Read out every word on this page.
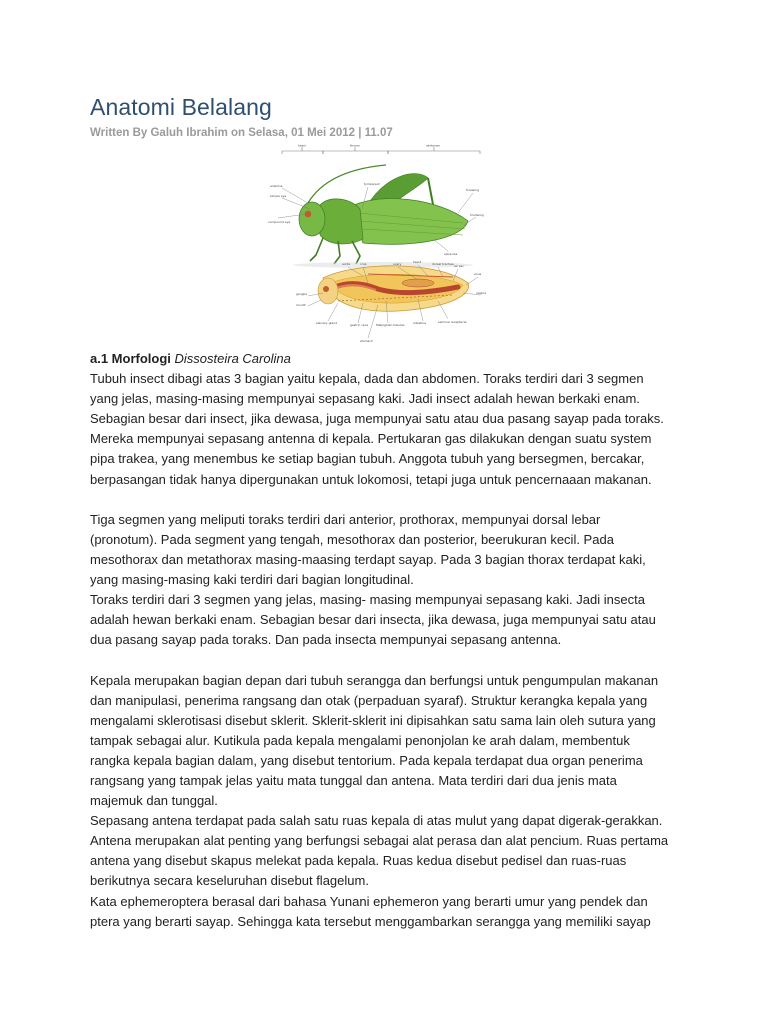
Anatomi Belalang
Written By Galuh Ibrahim on Selasa, 01 Mei 2012 | 11.07
head	thorax	abdomen
antenna
simple eye
compound eye
tympanum
forewing
hindwing
spiracles
aorta	crop	ovary	heart	dorsal trachea air sac
anus
vagina
ganglia
mouth
salivary gland	gastric ceca	Malpighian tubules
seminal receptacle
stomach
intestine

a.1 Morfologi Dissosteira Carolina

Tubuh insect dibagi atas 3 bagian yaitu kepala, dada dan abdomen. Toraks terdiri dari 3 segmen

yang jelas, masing-masing mempunyai sepasang kaki. Jadi insect adalah hewan berkaki enam.

Sebagian besar dari insect, jika dewasa, juga mempunyai satu atau dua pasang sayap pada toraks.

Mereka mempunyai sepasang antenna di kepala. Pertukaran gas dilakukan dengan suatu system

pipa trakea, yang menembus ke setiap bagian tubuh. Anggota tubuh yang bersegmen, bercakar,

berpasangan tidak hanya dipergunakan untuk lokomosi, tetapi juga untuk pencernaaan makanan.

Tiga segmen yang meliputi toraks terdiri dari anterior, prothorax, mempunyai dorsal lebar

(pronotum). Pada segment yang tengah, mesothorax dan posterior, beerukuran kecil. Pada

mesothorax dan metathorax masing-maasing terdapt sayap. Pada 3 bagian thorax terdapat kaki,

yang masing-masing kaki terdiri dari bagian longitudinal.

Toraks terdiri dari 3 segmen yang jelas, masing- masing mempunyai sepasang kaki. Jadi insecta

adalah hewan berkaki enam. Sebagian besar dari insecta, jika dewasa, juga mempunyai satu atau

dua pasang sayap pada toraks. Dan pada insecta mempunyai sepasang antenna.

Kepala merupakan bagian depan dari tubuh serangga dan berfungsi untuk pengumpulan makanan

dan manipulasi, penerima rangsang dan otak (perpaduan syaraf). Struktur kerangka kepala yang

mengalami sklerotisasi disebut sklerit. Sklerit-sklerit ini dipisahkan satu sama lain oleh sutura yang

tampak sebagai alur. Kutikula pada kepala mengalami penonjolan ke arah dalam, membentuk

rangka kepala bagian dalam, yang disebut tentorium. Pada kepala terdapat dua organ penerima

rangsang yang tampak jelas yaitu mata tunggal dan antena. Mata terdiri dari dua jenis mata

majemuk dan tunggal.

Sepasang antena terdapat pada salah satu ruas kepala di atas mulut yang dapat digerak-gerakkan.

Antena merupakan alat penting yang berfungsi sebagai alat perasa dan alat pencium. Ruas pertama

antena yang disebut skapus melekat pada kepala. Ruas kedua disebut pedisel dan ruas-ruas

berikutnya secara keseluruhan disebut flagelum.

Kata ephemeroptera berasal dari bahasa Yunani ephemeron yang berarti umur yang pendek dan

ptera yang berarti sayap. Sehingga kata tersebut menggambarkan serangga yang memiliki sayap
